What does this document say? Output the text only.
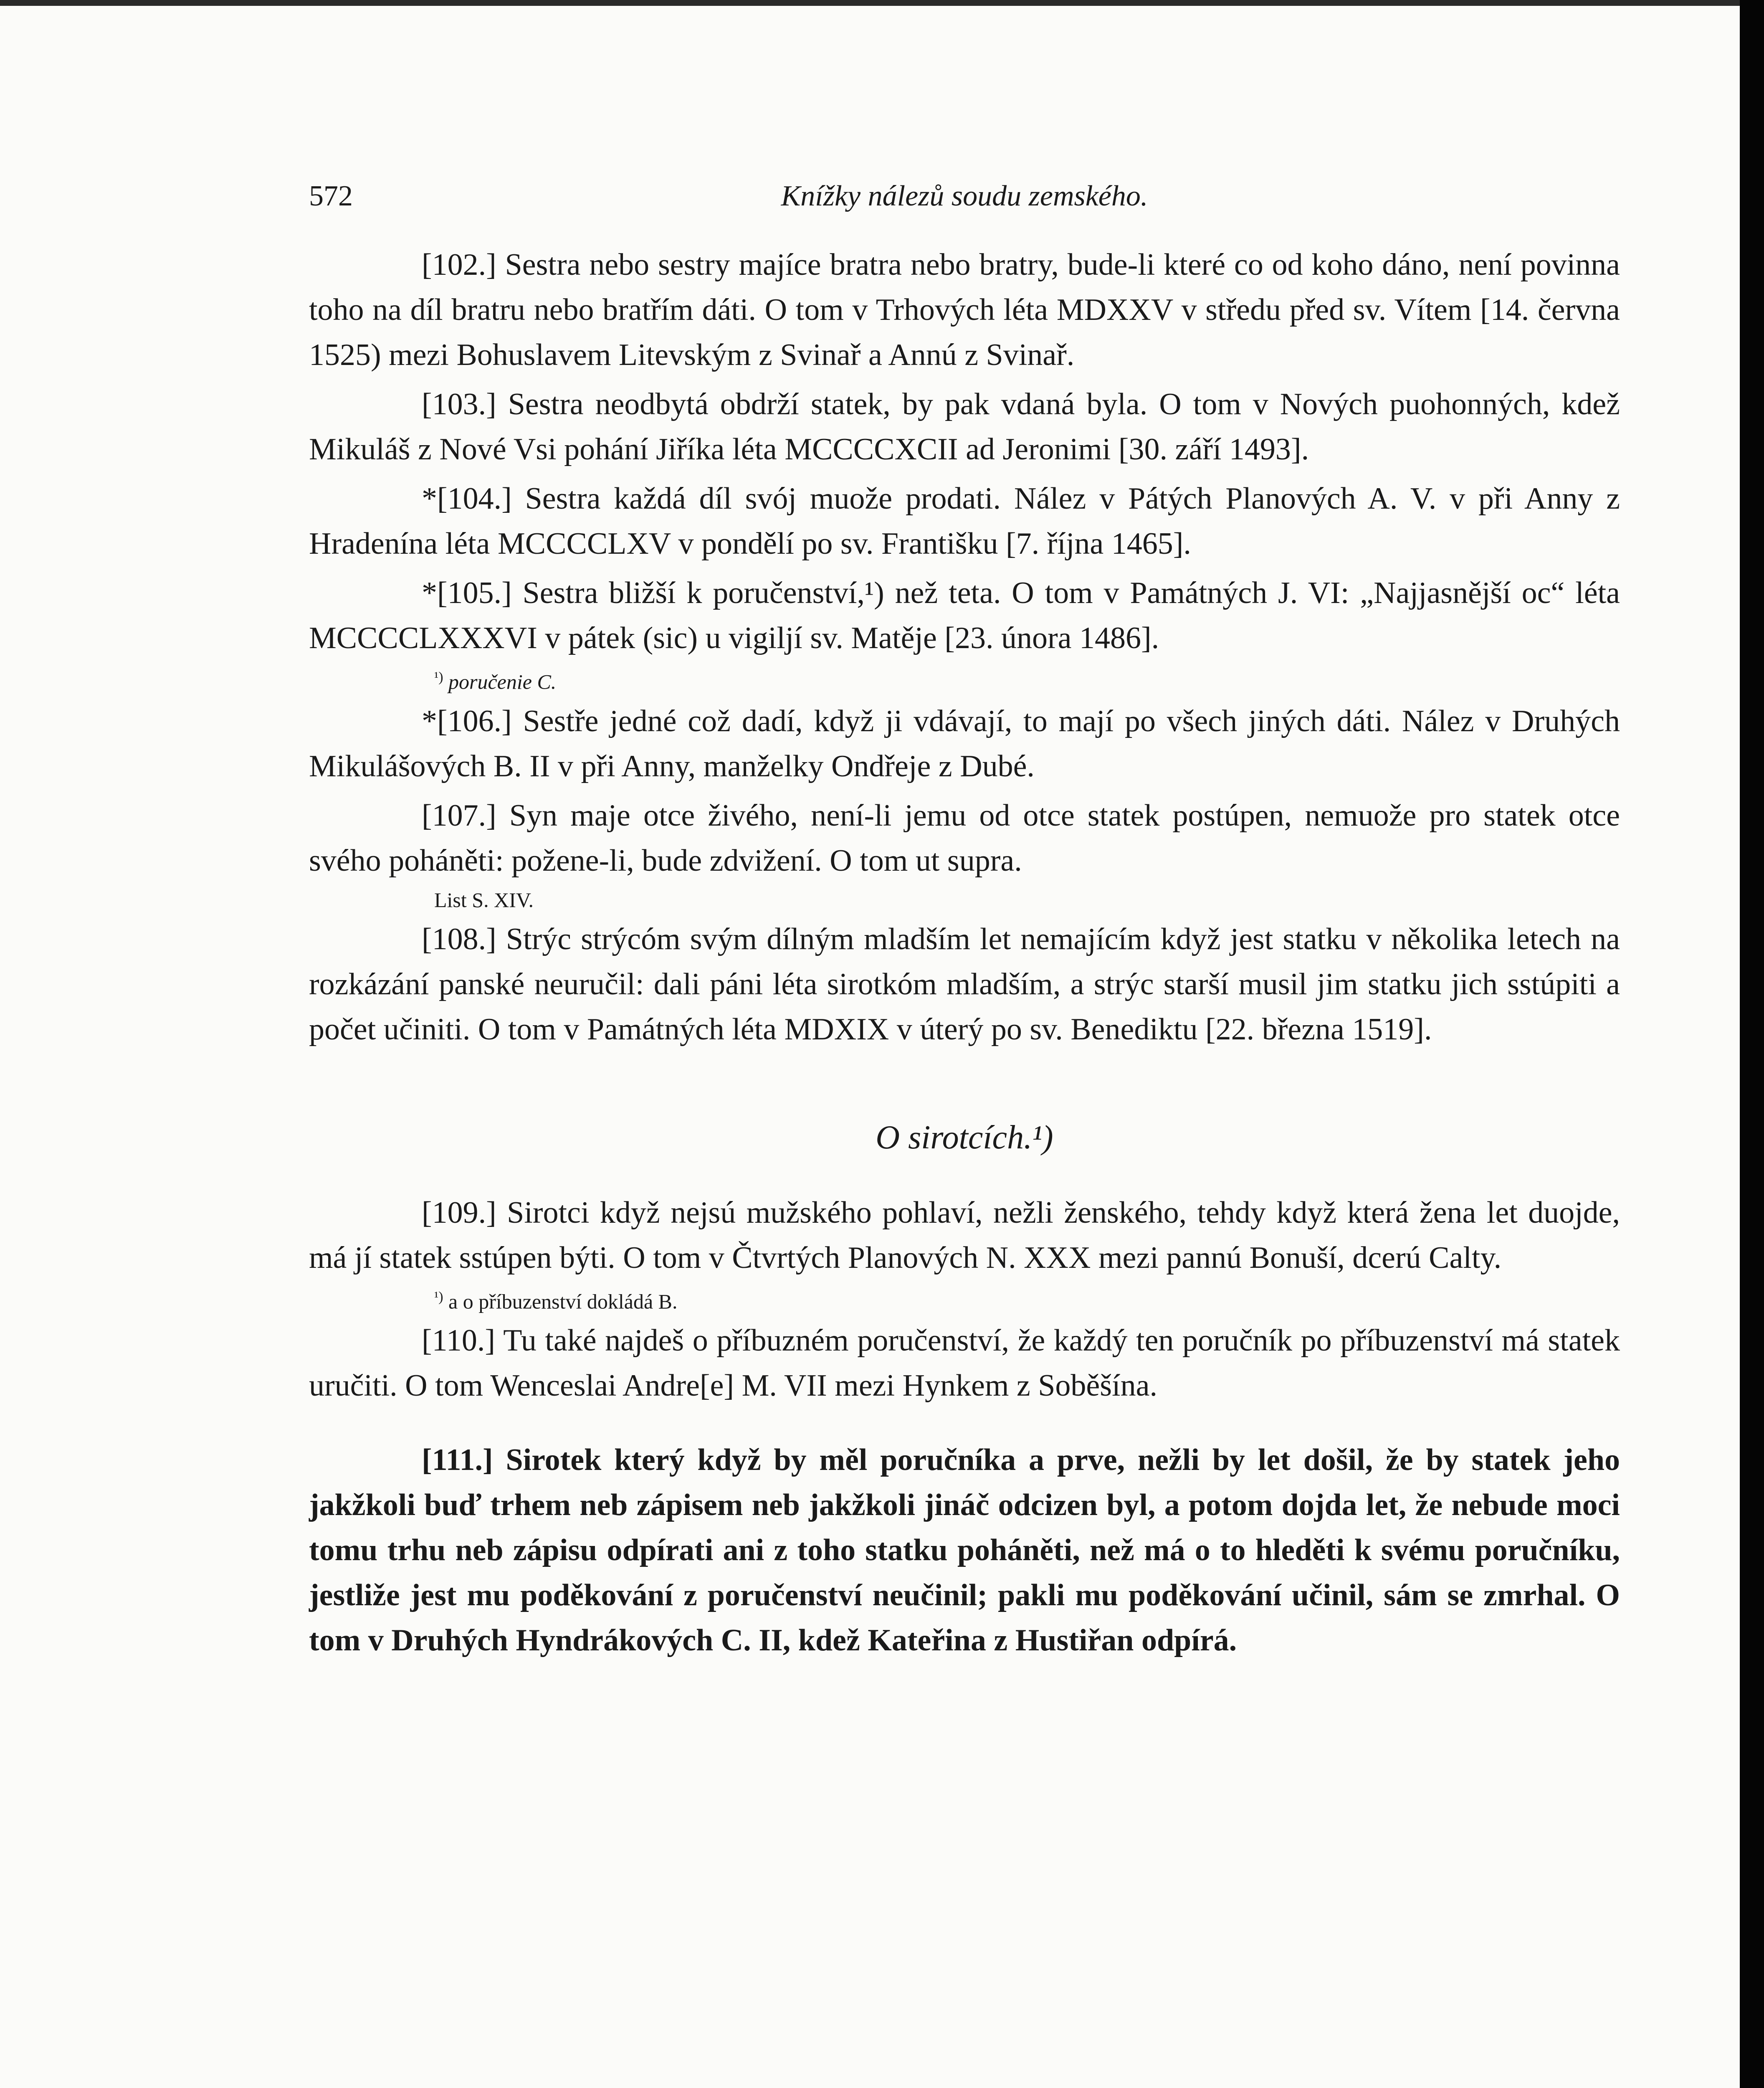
572	Knížky nálezů soudu zemského.

[102.] Sestra nebo sestry majíce bratra nebo bratry, bude-li které co od koho dáno, není povinna toho na díl bratru nebo bratřím dáti. O tom v Trhových léta MDXXV v středu před sv. Vítem [14. června 1525) mezi Bohuslavem Litevským z Svinař a Annú z Svinař.

[103.] Sestra neodbytá obdrží statek, by pak vdaná byla. O tom v Nových puohonných, kdež Mikuláš z Nové Vsi pohání Jiříka léta MCCCCXCII ad Jeronimi [30. září 1493].

*[104.] Sestra každá díl svój muože prodati. Nález v Pátých Planových A. V. v při Anny z Hradenína léta MCCCCLXV v pondělí po sv. Františku [7. října 1465].

*[105.] Sestra bližší k poručenství,¹) než teta. O tom v Památných J. VI: „Najjasnější oc“ léta MCCCCLXXXVI v pátek (sic) u vigiljí sv. Matěje [23. února 1486].

$^{^1)}$ poručenie C.

*[106.] Sestře jedné což dadí, když ji vdávají, to mají po všech jiných dáti. Nález v Druhých Mikulášových B. II v při Anny, manželky Ondřeje z Dubé.

[107.] Syn maje otce živého, není-li jemu od otce statek postúpen, nemuože pro statek otce svého poháněti: požene-li, bude zdvižení. O tom ut supra.

List S. XIV.

[108.] Strýc strýcóm svým dílným mladším let nemajícím když jest statku v několika letech na rozkázání panské neuručil: dali páni léta sirotkóm mladším, a strýc starší musil jim statku jich sstúpiti a počet učiniti. O tom v Památných léta MDXIX v úterý po sv. Benediktu [22. března 1519].

O sirotcích.¹)

[109.] Sirotci když nejsú mužského pohlaví, nežli ženského, tehdy když která žena let duojde, má jí statek sstúpen býti. O tom v Čtvrtých Planových N. XXX mezi pannú Bonuší, dcerú Calty.

$^{^1)}$ a o příbuzenství dokládá B.

[110.] Tu také najdeš o příbuzném poručenství, že každý ten poručník po příbuzenství má statek uručiti. O tom Wenceslai Andre[e] M. VII mezi Hynkem z Soběšína.

[111.] Sirotek který když by měl poručníka a prve, nežli by let došil, že by statek jeho jakžkoli buď trhem neb zápisem neb jakžkoli jináč odcizen byl, a potom dojda let, že nebude moci tomu trhu neb zápisu odpírati ani z toho statku poháněti, než má o to hleděti k svému poručníku, jestliže jest mu poděkování z poručenství neučinil; pakli mu poděkování učinil, sám se zmrhal. O tom v Druhých Hyndrákových C. II, kdež Kateřina z Hustiřan odpírá.
